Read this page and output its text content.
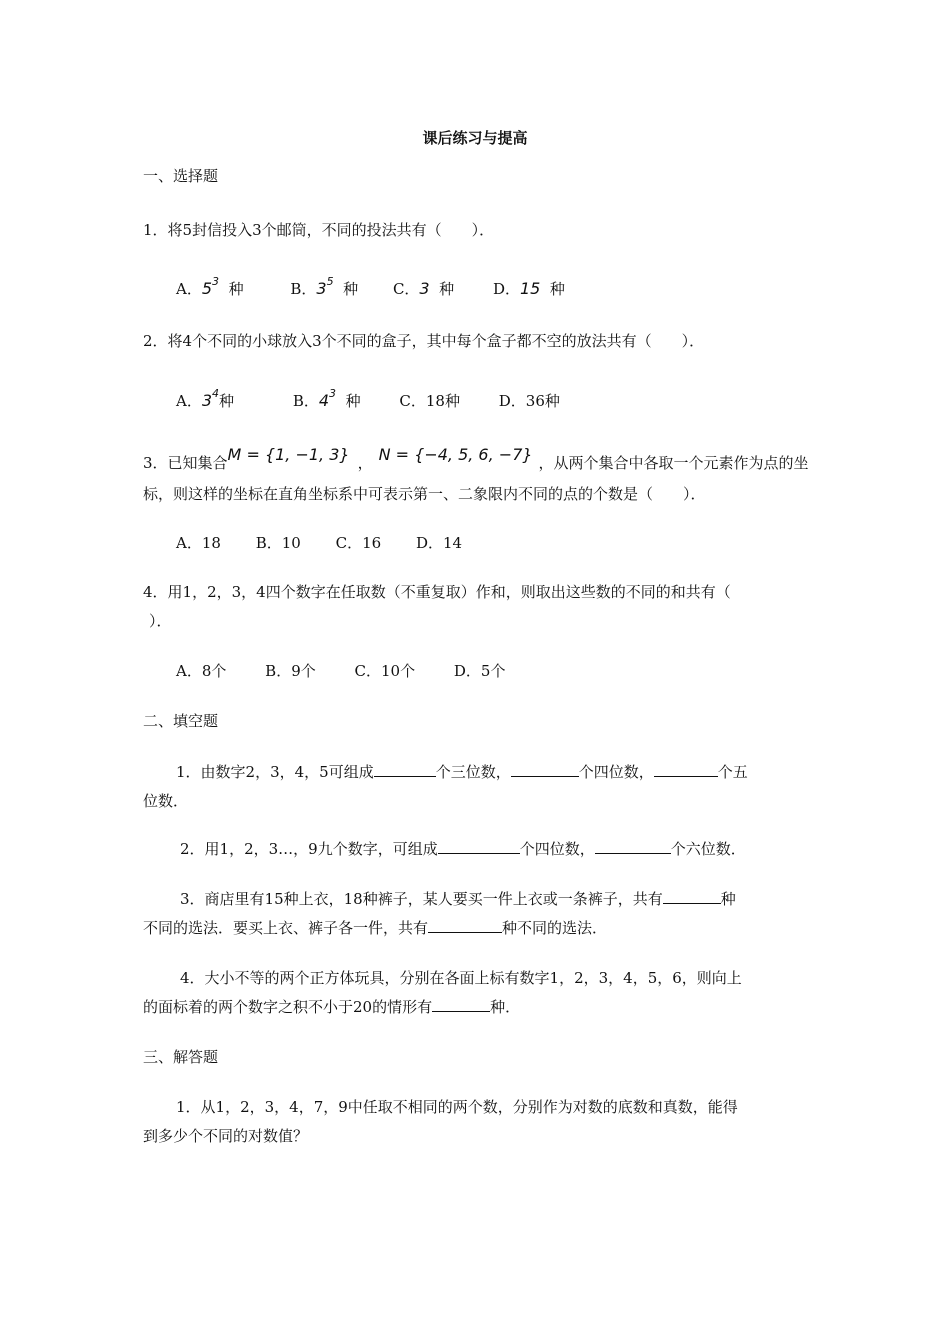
课后练习与提高
一、选择题
1．将5封信投入3个邮筒，不同的投法共有（　　）．
A．$5^3$ 种	B．$3^5$ 种 C．3 种	D．15 种
2．将4个不同的小球放入3个不同的盒子，其中每个盒子都不空的放法共有（　　）．
A．$3^4$种	B．$4^3$ 种	C．18种	D．36种
3．已知集合M = {1, −1, 3} ， N = {−4, 5, 6, −7} ，从两个集合中各取一个元素作为点的坐
标，则这样的坐标在直角坐标系中可表示第一、二象限内不同的点的个数是（　　）．
A．18 B．10 C．16 D．14
4．用1，2，3，4四个数字在任取数（不重复取）作和，则取出这些数的不同的和共有（
）．
A．8个	B．9个	C．10个	D．5个
二、填空题
1．由数字2，3，4，5可组成	个三位数，	个四位数，	个五
位数．
2．用1，2，3…，9九个数字，可组成	个四位数，	个六位数．
3．商店里有15种上衣，18种裤子，某人要买一件上衣或一条裤子，共有	种
不同的选法．要买上衣、裤子各一件，共有	种不同的选法．
4．大小不等的两个正方体玩具，分别在各面上标有数字1，2，3，4，5，6，则向上
的面标着的两个数字之积不小于20的情形有	种．
三、解答题
1．从1，2，3，4，7，9中任取不相同的两个数，分别作为对数的底数和真数，能得
到多少个不同的对数值？
